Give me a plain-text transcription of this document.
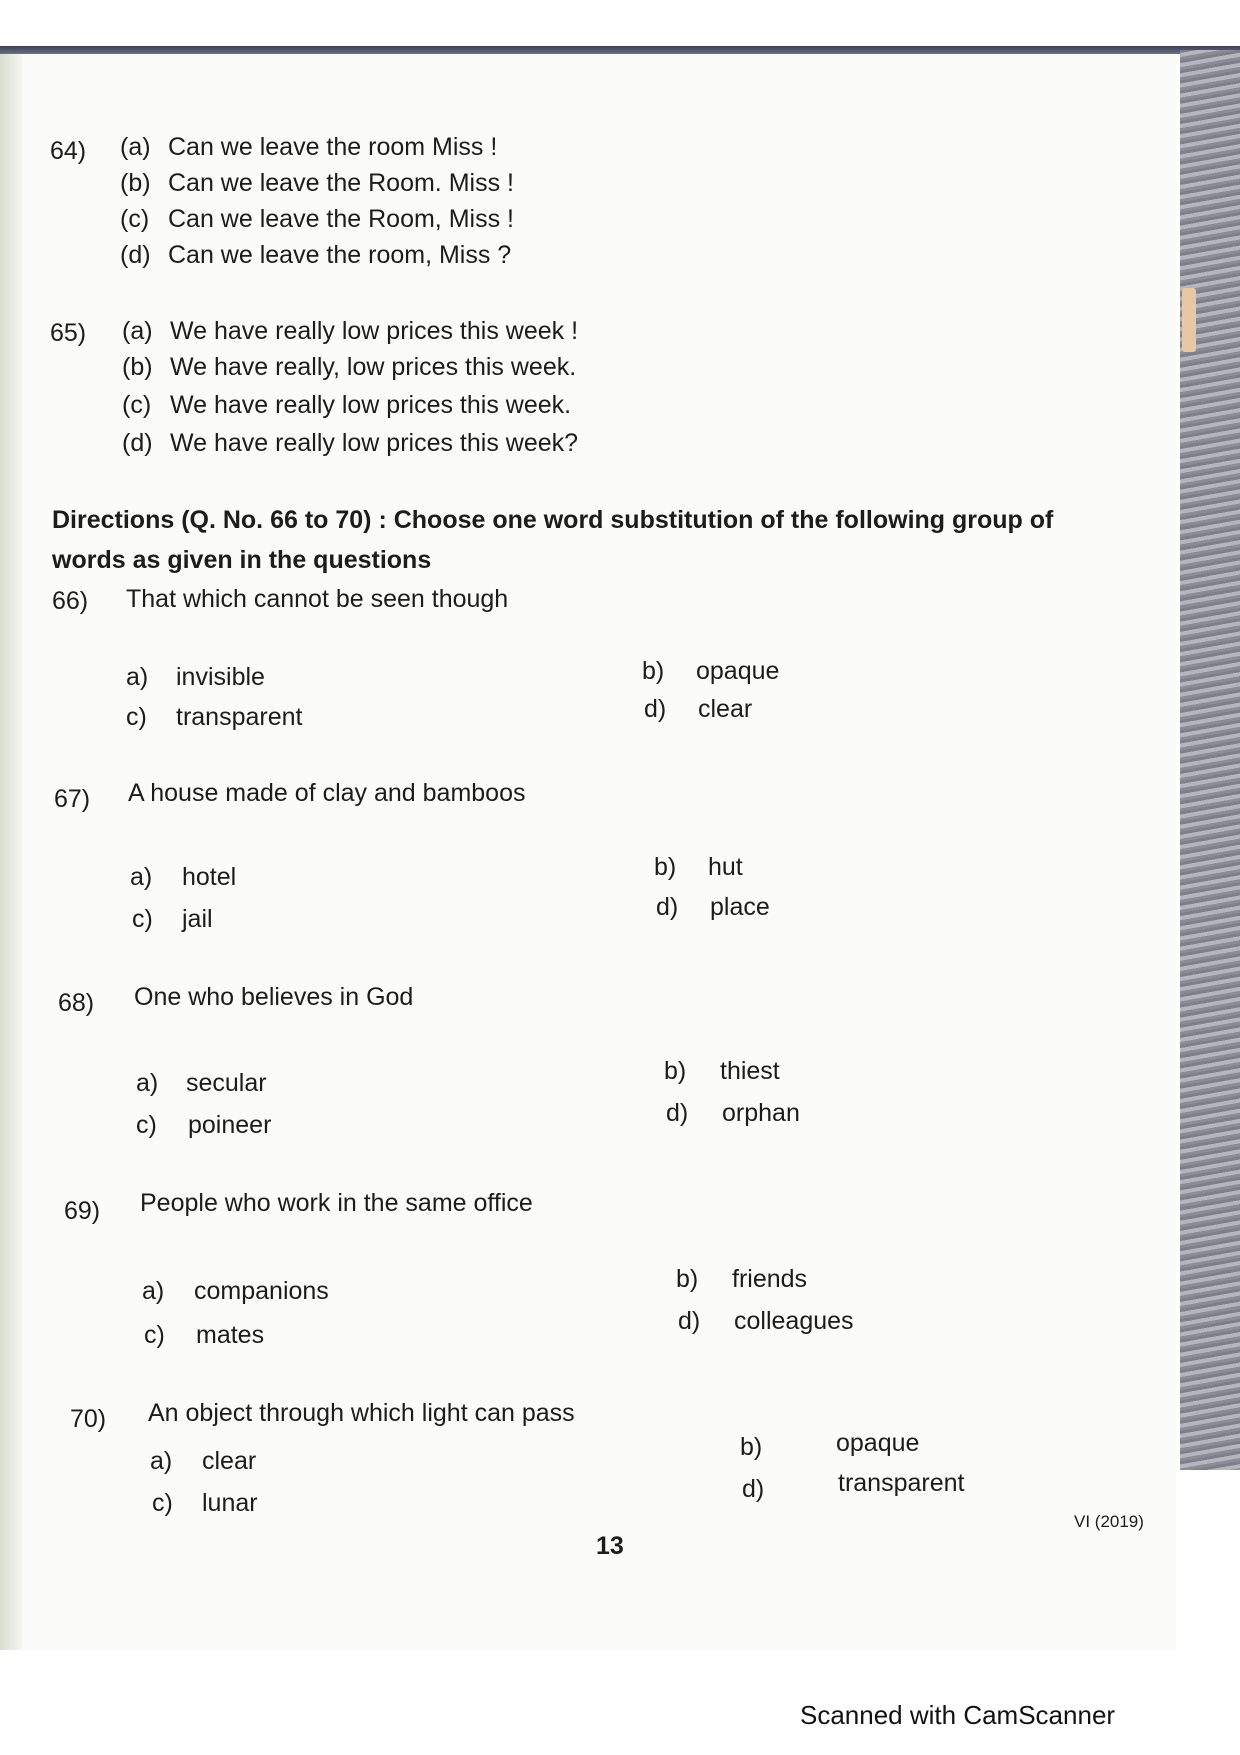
64) (a) Can we leave the room Miss !
(b) Can we leave the Room. Miss !
(c) Can we leave the Room, Miss !
(d) Can we leave the room, Miss ?
65) (a) We have really low prices this week !
(b) We have really, low prices this week.
(c) We have really low prices this week.
(d) We have really low prices this week?
Directions (Q. No. 66 to 70) : Choose one word substitution of the following group of words as given in the questions
66) That which cannot be seen though
a) invisible	b) opaque
c) transparent	d) clear
67) A house made of clay and bamboos
a) hotel	b) hut
c) jail	d) place
68) One who believes in God
a) secular	b) thiest
c) poineer	d) orphan
69) People who work in the same office
a) companions	b) friends
c) mates	d) colleagues
70) An object through which light can pass
a) clear	b)	opaque
c) lunar	d)	transparent
VI (2019)
13
Scanned with CamScanner
